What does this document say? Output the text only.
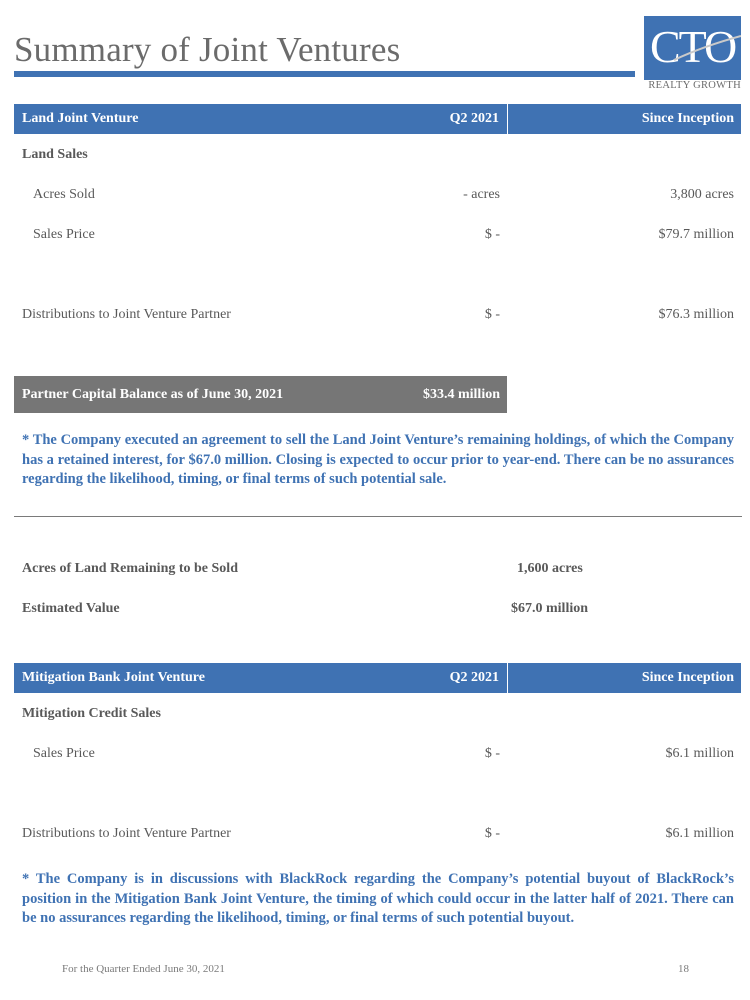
Summary of Joint Ventures	CTO
REALTY GROWTH
Land Joint Venture	Q2 2021	Since Inception
Land Sales
Acres Sold	- acres	3,800 acres
Sales Price	$ -	$79.7 million
Distributions to Joint Venture Partner	$ -	$76.3 million
Partner Capital Balance as of June 30, 2021	$33.4 million
* The Company executed an agreement to sell the Land Joint Venture’s remaining holdings, of which the Company has a retained interest, for $67.0 million. Closing is expected to occur prior to year-end. There can be no assurances regarding the likelihood, timing, or final terms of such potential sale.
Acres of Land Remaining to be Sold	1,600 acres
Estimated Value	$67.0 million
Mitigation Bank Joint Venture	Q2 2021	Since Inception
Mitigation Credit Sales
Sales Price	$ -	$6.1 million
Distributions to Joint Venture Partner	$ -	$6.1 million
* The Company is in discussions with BlackRock regarding the Company’s potential buyout of BlackRock’s position in the Mitigation Bank Joint Venture, the timing of which could occur in the latter half of 2021. There can be no assurances regarding the likelihood, timing, or final terms of such potential buyout.
For the Quarter Ended June 30, 2021	18
